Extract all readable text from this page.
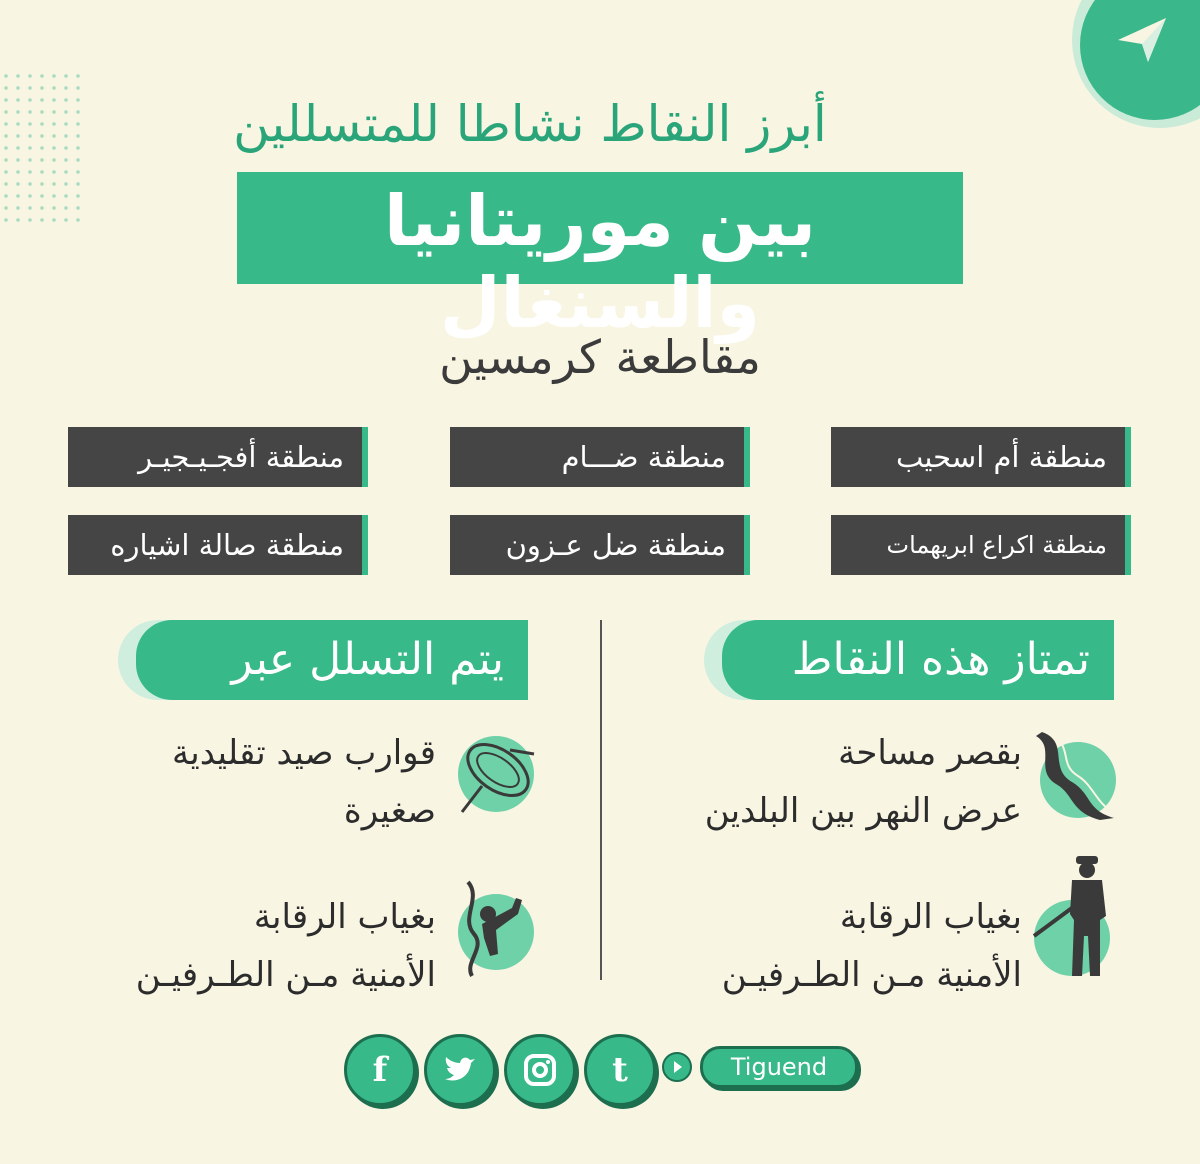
أبرز النقاط نشاطا للمتسللين
بين موريتانيا والسنغال
مقاطعة كرمسين
منطقة أم اسحيب
منطقة ضـــام
منطقة أفجـيـجيـر
منطقة اكراع ابريهمات
منطقة ضل عـزون
منطقة صالة اشياره
تمتاز هذه النقاط
بقصر مساحة
عرض النهر بين البلدين
بغياب الرقابة
الأمنية مـن الطـرفيـن
يتم التسلل عبر
قوارب صيد تقليدية
صغيرة
بغياب الرقابة
الأمنية مـن الطـرفيـن
f	t	Tiguend
